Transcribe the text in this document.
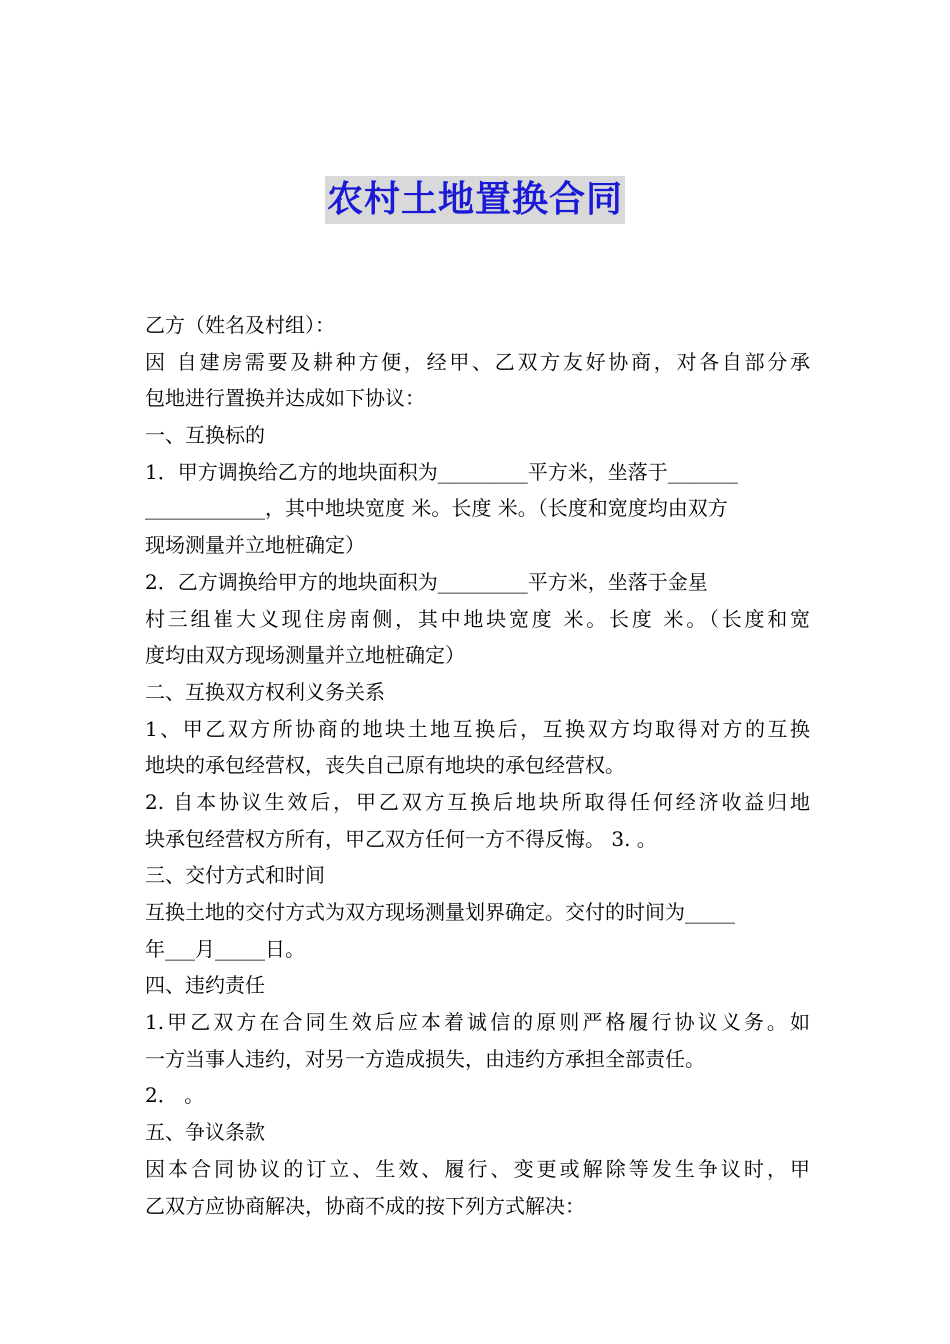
农村土地置换合同
乙方（姓名及村组）：
因 自建房需要及耕种方便，经甲、乙双方友好协商，对各自部分承
包地进行置换并达成如下协议：
一、互换标的
1．甲方调换给乙方的地块面积为_________平方米，坐落于_______
____________，其中地块宽度 米。长度 米。（长度和宽度均由双方
现场测量并立地桩确定）
2．乙方调换给甲方的地块面积为_________平方米，坐落于金星
村三组崔大义现住房南侧，其中地块宽度 米。长度 米。（长度和宽
度均由双方现场测量并立地桩确定）
二、互换双方权利义务关系
1、甲乙双方所协商的地块土地互换后，互换双方均取得对方的互换
地块的承包经营权，丧失自己原有地块的承包经营权。
2. 自本协议生效后，甲乙双方互换后地块所取得任何经济收益归地
块承包经营权方所有，甲乙双方任何一方不得反悔。 3. 。
三、交付方式和时间
互换土地的交付方式为双方现场测量划界确定。交付的时间为_____
年___月_____日。
四、违约责任
1.甲乙双方在合同生效后应本着诚信的原则严格履行协议义务。如
一方当事人违约，对另一方造成损失，由违约方承担全部责任。
2． 。
五、争议条款
因本合同协议的订立、生效、履行、变更或解除等发生争议时，甲
乙双方应协商解决，协商不成的按下列方式解决：
